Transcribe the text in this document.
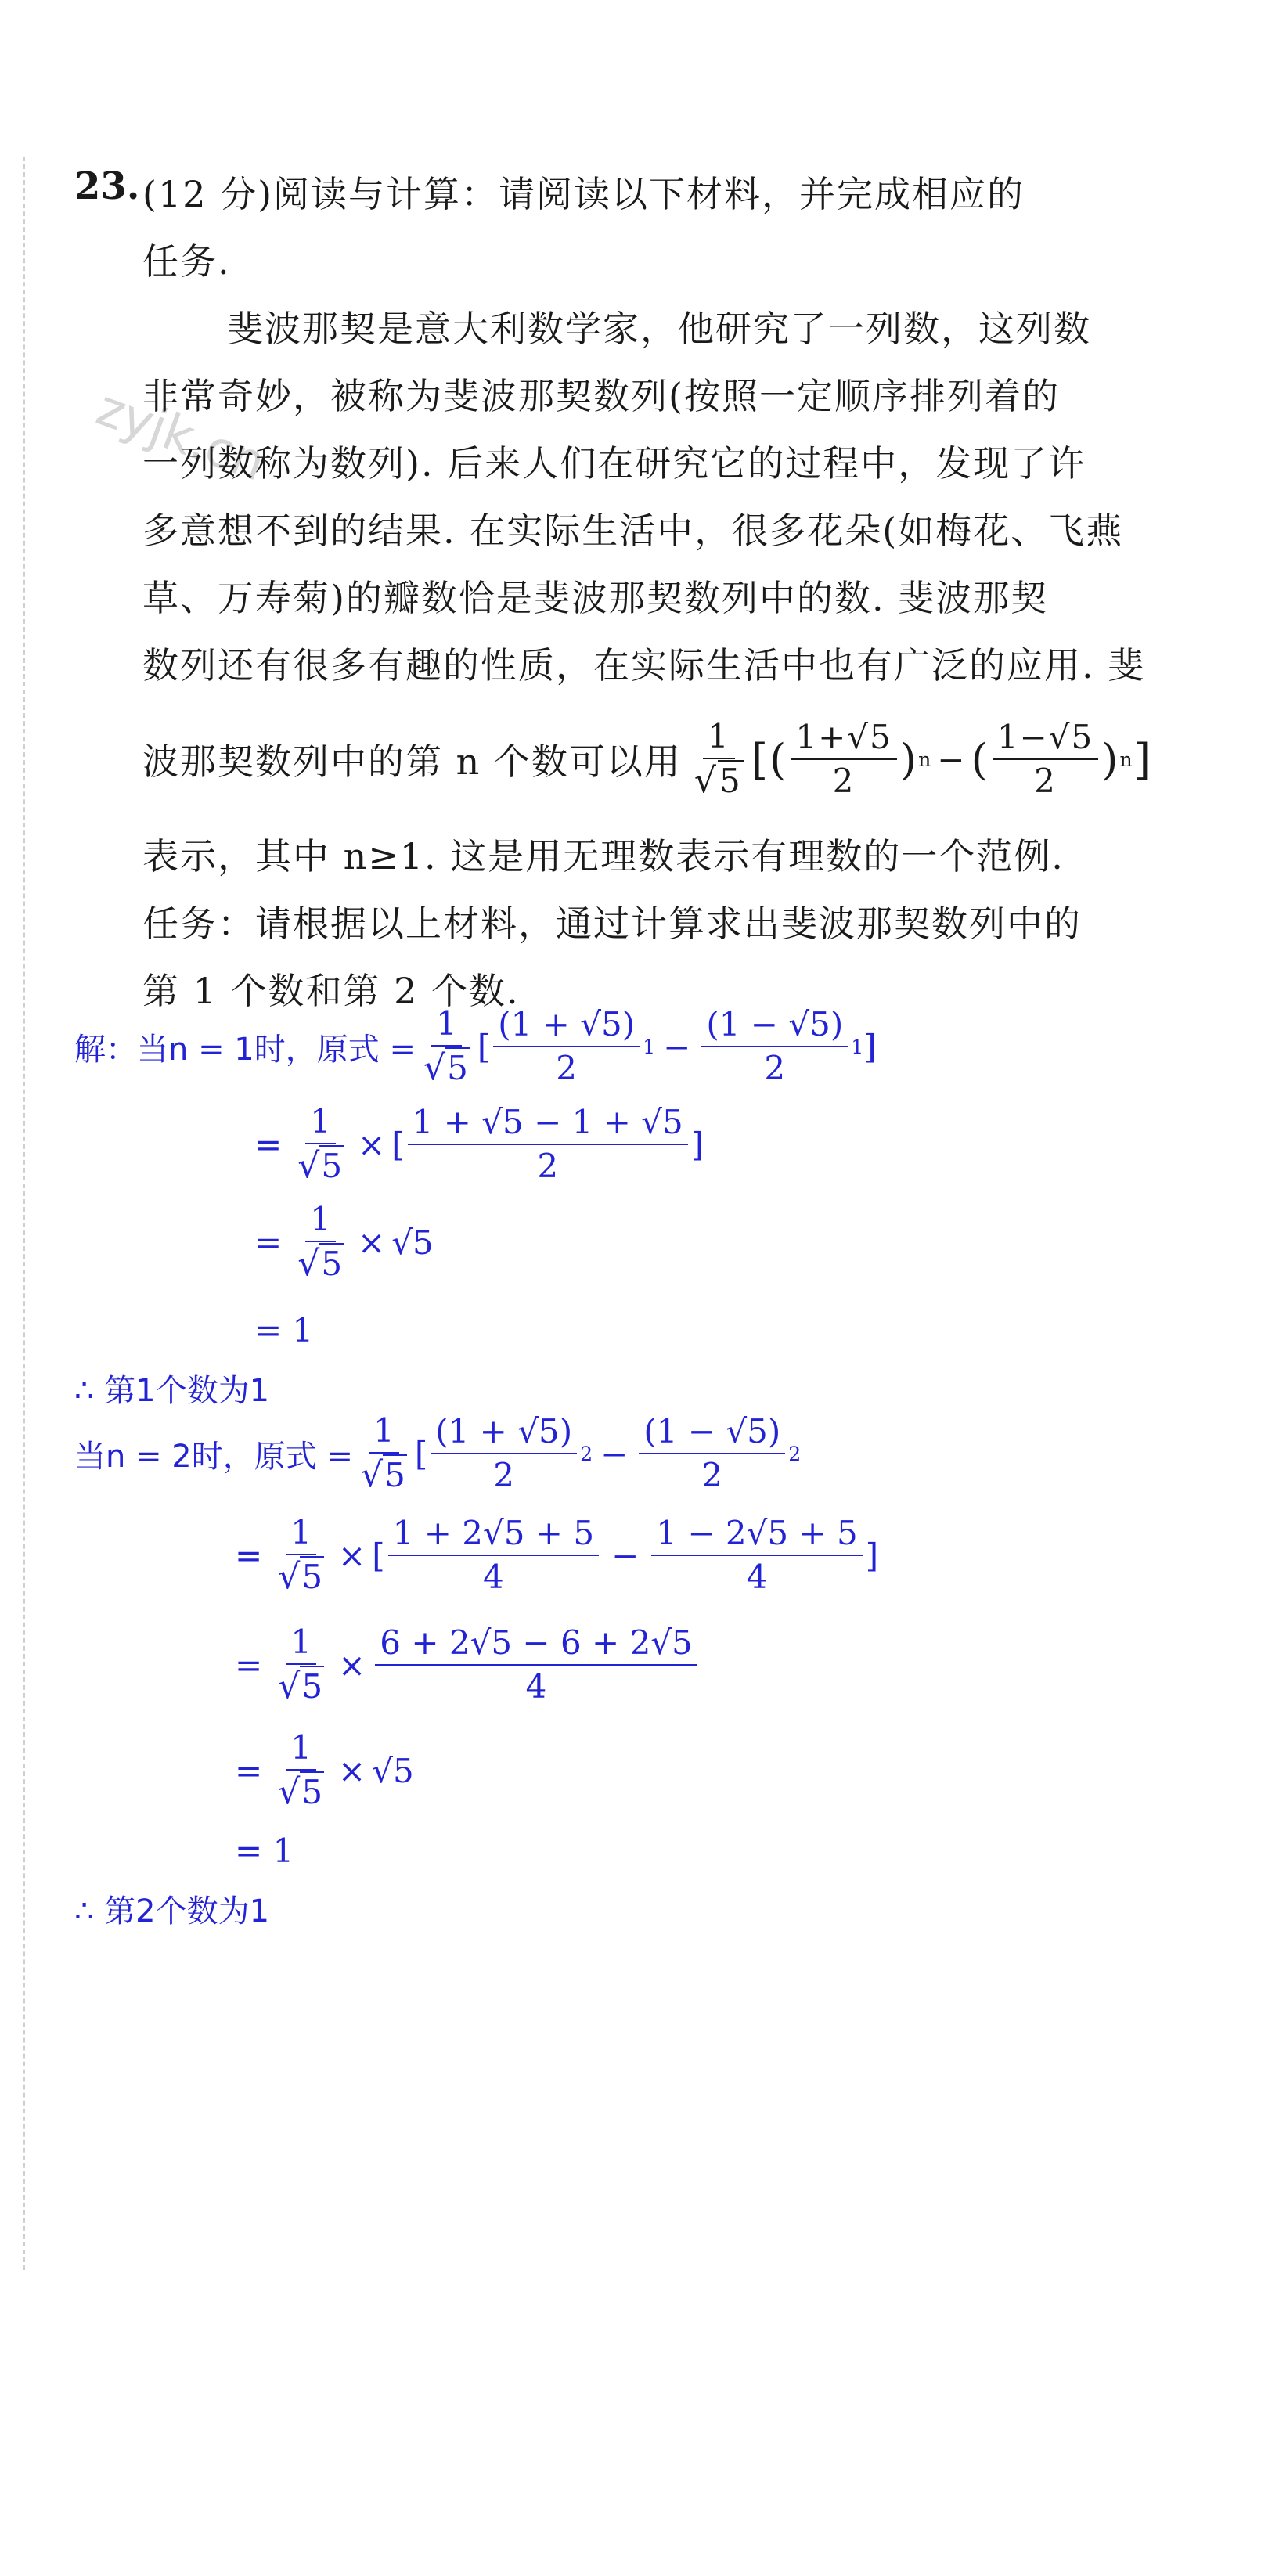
zyjk.cn
23. (12 分)阅读与计算：请阅读以下材料，并完成相应的
任务.
斐波那契是意大利数学家，他研究了一列数，这列数
非常奇妙，被称为斐波那契数列(按照一定顺序排列着的
一列数称为数列). 后来人们在研究它的过程中，发现了许
多意想不到的结果. 在实际生活中，很多花朵(如梅花、飞燕
草、万寿菊)的瓣数恰是斐波那契数列中的数. 斐波那契
数列还有很多有趣的性质，在实际生活中也有广泛的应用. 斐
波那契数列中的第 n 个数可以用 $\frac{1}{√5}$ [ ( $\frac{1+√5}{2}$ ) n − ( $\frac{1-√5}{2}$ ) n ]
表示，其中 n≥1. 这是用无理数表示有理数的一个范例.
任务：请根据以上材料，通过计算求出斐波那契数列中的
第 1 个数和第 2 个数.
解： 当n = 1时，原式 = $\frac{1}{√5}$ [ $\frac{(1 + √5)}{2} 1 - \frac{(1 - √5)}{2} 1$ ]
= $\frac{1}{√5}$ × [ $\frac{1 + √5 - 1 + √5}{2}$ ]
= $\frac{1}{√5} \times √5$
= 1
∴ 第1个数为1
当n = 2时，原式 = $\frac{1}{√5}$ [ $\frac{(1 + √5)}{2} 2 - \frac{(1 - √5)}{2} 2$
= $\frac{1}{√5}$ × [ $\frac{1 + 2√5 + 5}{4} - \frac{1 - 2√5 + 5}{4}$ ]
= $\frac{1}{√5} \times \frac{6 + 2√5 - 6 + 2√5}{4}$
= $\frac{1}{√5} \times √5$
= 1
∴ 第2个数为1
